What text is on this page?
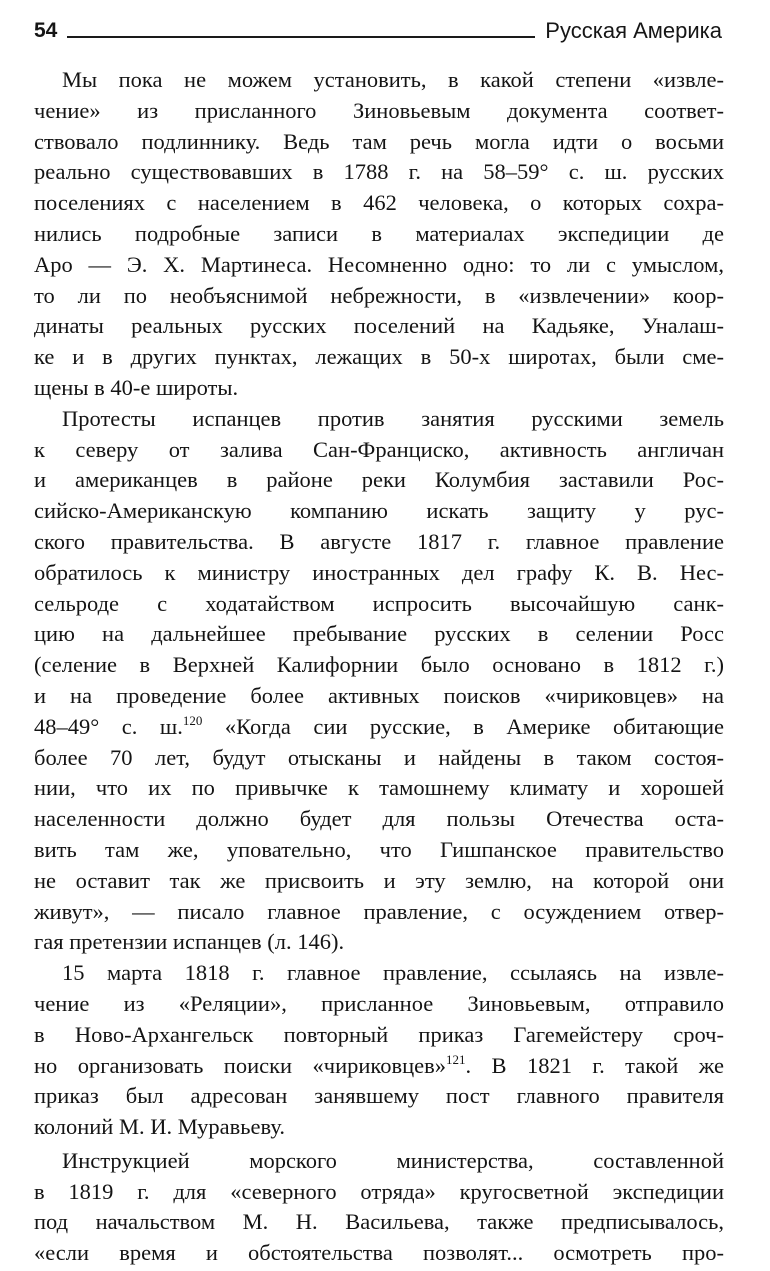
54	Русская Америка
Мы пока не можем установить, в какой степени «извле-
чение» из присланного Зиновьевым документа соответ-
ствовало подлиннику. Ведь там речь могла идти о восьми
реально существовавших в 1788 г. на 58–59° с. ш. русских
поселениях с населением в 462 человека, о которых сохра-
нились подробные записи в материалах экспедиции де
Аро — Э. Х. Мартинеса. Несомненно одно: то ли с умыслом,
то ли по необъяснимой небрежности, в «извлечении» коор-
динаты реальных русских поселений на Кадьяке, Уналаш-
ке и в других пунктах, лежащих в 50-х широтах, были сме-
щены в 40-е широты.
Протесты испанцев против занятия русскими земель
к северу от залива Сан-Франциско, активность англичан
и американцев в районе реки Колумбия заставили Рос-
сийско-Американскую компанию искать защиту у рус-
ского правительства. В августе 1817 г. главное правление
обратилось к министру иностранных дел графу К. В. Нес-
сельроде с ходатайством испросить высочайшую санк-
цию на дальнейшее пребывание русских в селении Росс
(селение в Верхней Калифорнии было основано в 1812 г.)
и на проведение более активных поисков «чириковцев» на
48–49° с. ш.$^{120}$ «Когда сии русские, в Америке обитающие
более 70 лет, будут отысканы и найдены в таком состоя-
нии, что их по привычке к тамошнему климату и хорошей
населенности должно будет для пользы Отечества оста-
вить там же, уповательно, что Гишпанское правительство
не оставит так же присвоить и эту землю, на которой они
живут», — писало главное правление, с осуждением отвер-
гая претензии испанцев (л. 146).
15 марта 1818 г. главное правление, ссылаясь на извле-
чение из «Реляции», присланное Зиновьевым, отправило
в Ново-Архангельск повторный приказ Гагемейстеру сроч-
но организовать поиски «чириковцев»$^{121}$. В 1821 г. такой же
приказ был адресован занявшему пост главного правителя
колоний М. И. Муравьеву.
Инструкцией морского министерства, составленной
в 1819 г. для «северного отряда» кругосветной экспедиции
под начальством М. Н. Васильева, также предписывалось,
«если время и обстоятельства позволят... осмотреть про-
